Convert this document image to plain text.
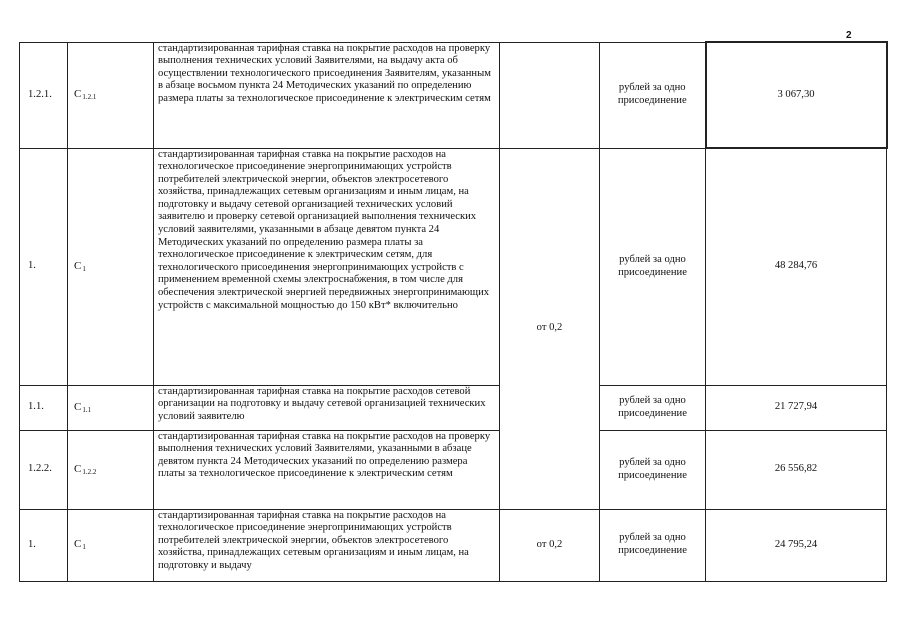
2
1.2.1.	C1.2.1	стандартизированная тарифная ставка на покрытие расходов на проверку выполнения технических условий Заявителями, на выдачу акта об осуществлении технологического присоединения Заявителям, указанным в абзаце восьмом пункта 24 Методических указаний по определению размера платы за технологическое присоединение к электрическим сетям		рублей за одно присоединение	3 067,30
1.	C1	стандартизированная тарифная ставка на покрытие расходов на технологическое присоединение энергопринимающих устройств потребителей электрической энергии, объектов электросетевого хозяйства, принадлежащих сетевым организациям и иным лицам, на подготовку и выдачу сетевой организацией технических условий заявителю и проверку сетевой организацией выполнения технических условий заявителями, указанными в абзаце девятом пункта 24 Методических указаний по определению размера платы за технологическое присоединение к электрическим сетям, для технологического присоединения энергопринимающих устройств с применением временной схемы электроснабжения, в том числе для обеспечения электрической энергией передвижных энергопринимающих устройств с максимальной мощностью до 150 кВт* включительно	от 0,2	рублей за одно присоединение	48 284,76
1.1.	C1.1	стандартизированная тарифная ставка на покрытие расходов сетевой организации на подготовку и выдачу сетевой организацией технических условий заявителю		рублей за одно присоединение	21 727,94
1.2.2.	C1.2.2	стандартизированная тарифная ставка на покрытие расходов на проверку выполнения технических условий Заявителями, указанными в абзаце девятом пункта 24 Методических указаний по определению размера платы за технологическое присоединение к электрическим сетям		рублей за одно присоединение	26 556,82
1.	C1	стандартизированная тарифная ставка на покрытие расходов на технологическое присоединение энергопринимающих устройств потребителей электрической энергии, объектов электросетевого хозяйства, принадлежащих сетевым организациям и иным лицам, на подготовку и выдачу	от 0,2	рублей за одно присоединение	24 795,24
